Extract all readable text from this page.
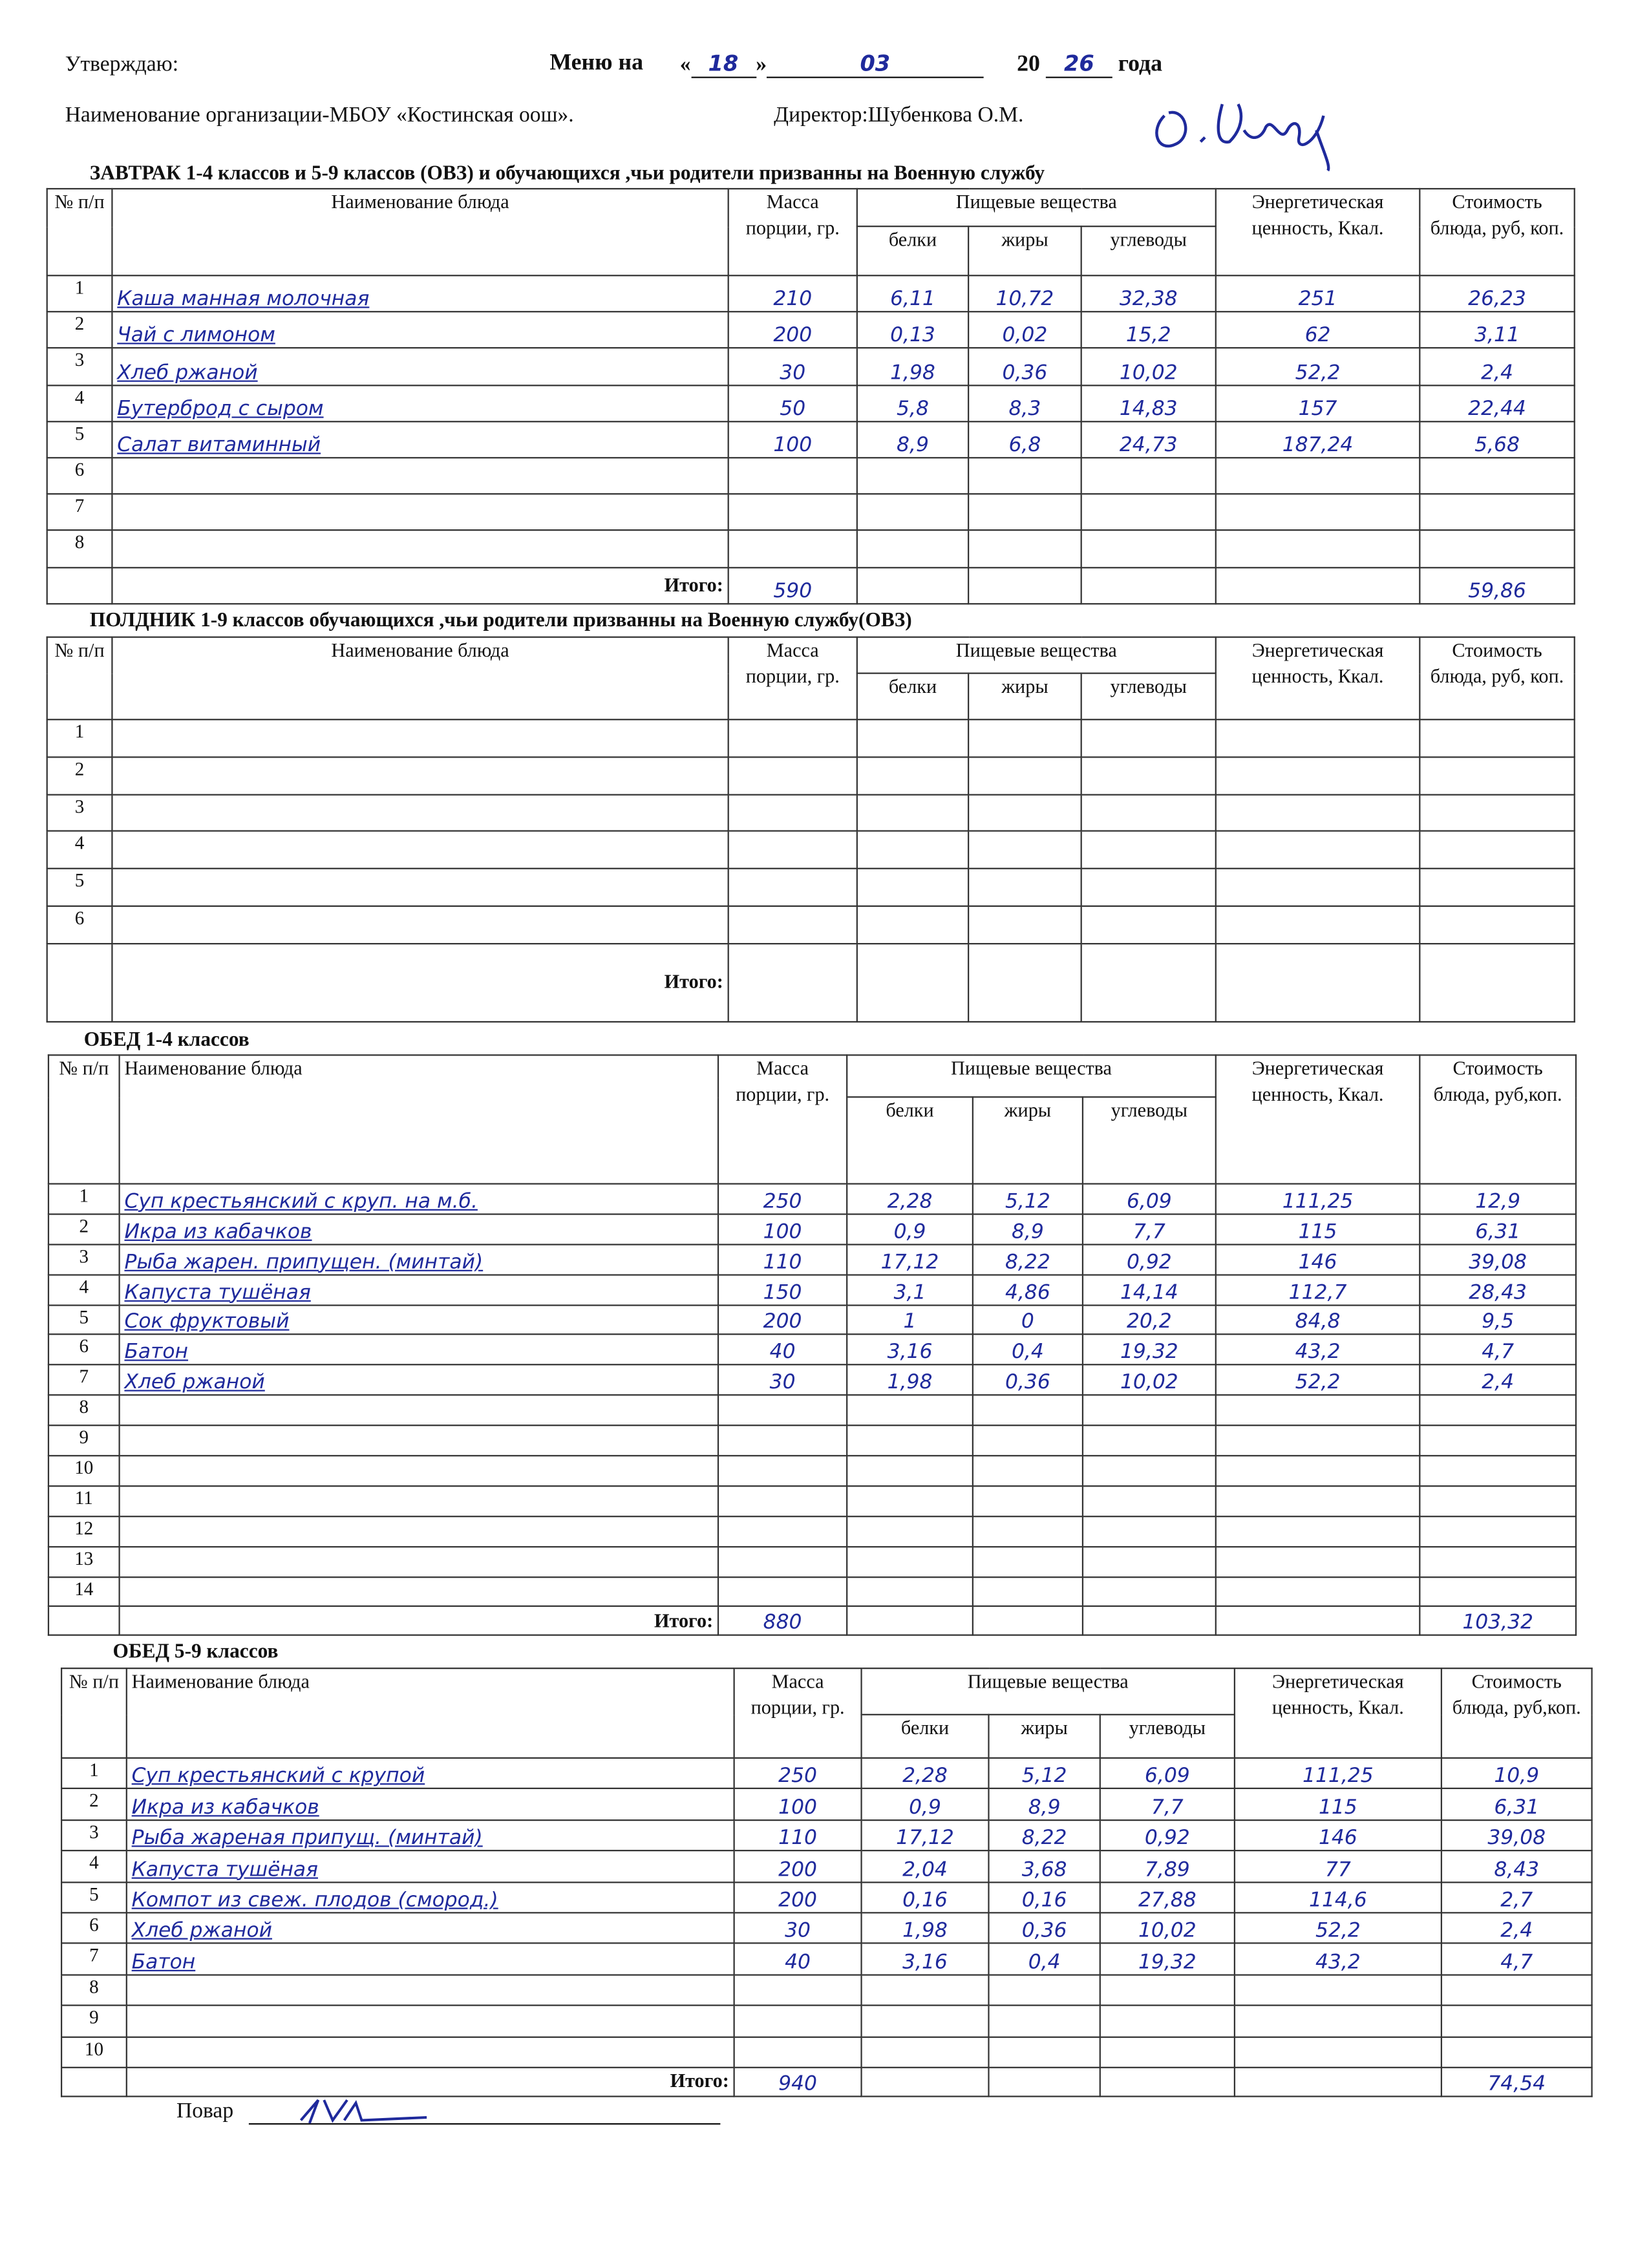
Утверждаю:	Меню на	« 18 »	03	20 26 года
Наименование организации-МБОУ «Костинская оош».	Директор:Шубенкова О.М.
ЗАВТРАК 1-4 классов и 5-9 классов (ОВЗ) и обучающихся ,чьи родители призванны на Военную службу
№ п/п	Наименование блюда	Масса порции, гр.	Пищевые вещества			Энергетическая ценность, Ккал.	Стоимость блюда, руб, коп.
			белки	жиры	углеводы		
1	Каша манная молочная	210	6,11	10,72	32,38	251	26,23
2	Чай с лимоном	200	0,13	0,02	15,2	62	3,11
3	Хлеб ржаной	30	1,98	0,36	10,02	52,2	2,4
4	Бутерброд с сыром	50	5,8	8,3	14,83	157	22,44
5	Салат витаминный	100	8,9	6,8	24,73	187,24	5,68
6							
7							
8							
	Итого:	590					59,86
ПОЛДНИК 1-9 классов обучающихся ,чьи родители призванны на Военную службу(ОВЗ)
№ п/п	Наименование блюда	Масса порции, гр.	Пищевые вещества			Энергетическая ценность, Ккал.	Стоимость блюда, руб, коп.
			белки	жиры	углеводы		
1							
2							
3							
4							
5							
6							
	Итого:						
ОБЕД 1-4 классов
№ п/п	Наименование блюда	Масса порции, гр.	Пищевые вещества			Энергетическая ценность, Ккал.	Стоимость блюда, руб,коп.
			белки	жиры	углеводы		
1	Суп крестьянский с круп. на м.б.	250	2,28	5,12	6,09	111,25	12,9
2	Икра из кабачков	100	0,9	8,9	7,7	115	6,31
3	Рыба жарен. припущен. (минтай)	110	17,12	8,22	0,92	146	39,08
4	Капуста тушёная	150	3,1	4,86	14,14	112,7	28,43
5	Сок фруктовый	200	1	0	20,2	84,8	9,5
6	Батон	40	3,16	0,4	19,32	43,2	4,7
7	Хлеб ржаной	30	1,98	0,36	10,02	52,2	2,4
8							
9							
10							
11							
12							
13							
14							
	Итого:	880					103,32
ОБЕД 5-9 классов
№ п/п	Наименование блюда	Масса порции, гр.	Пищевые вещества			Энергетическая ценность, Ккал.	Стоимость блюда, руб,коп.
			белки	жиры	углеводы		
1	Суп крестьянский с крупой	250	2,28	5,12	6,09	111,25	10,9
2	Икра из кабачков	100	0,9	8,9	7,7	115	6,31
3	Рыба жареная припущ. (минтай)	110	17,12	8,22	0,92	146	39,08
4	Капуста тушёная	200	2,04	3,68	7,89	77	8,43
5	Компот из свеж. плодов (смород.)	200	0,16	0,16	27,88	114,6	2,7
6	Хлеб ржаной	30	1,98	0,36	10,02	52,2	2,4
7	Батон	40	3,16	0,4	19,32	43,2	4,7
8							
9							
10							
	Итого:	940					74,54
Повар
